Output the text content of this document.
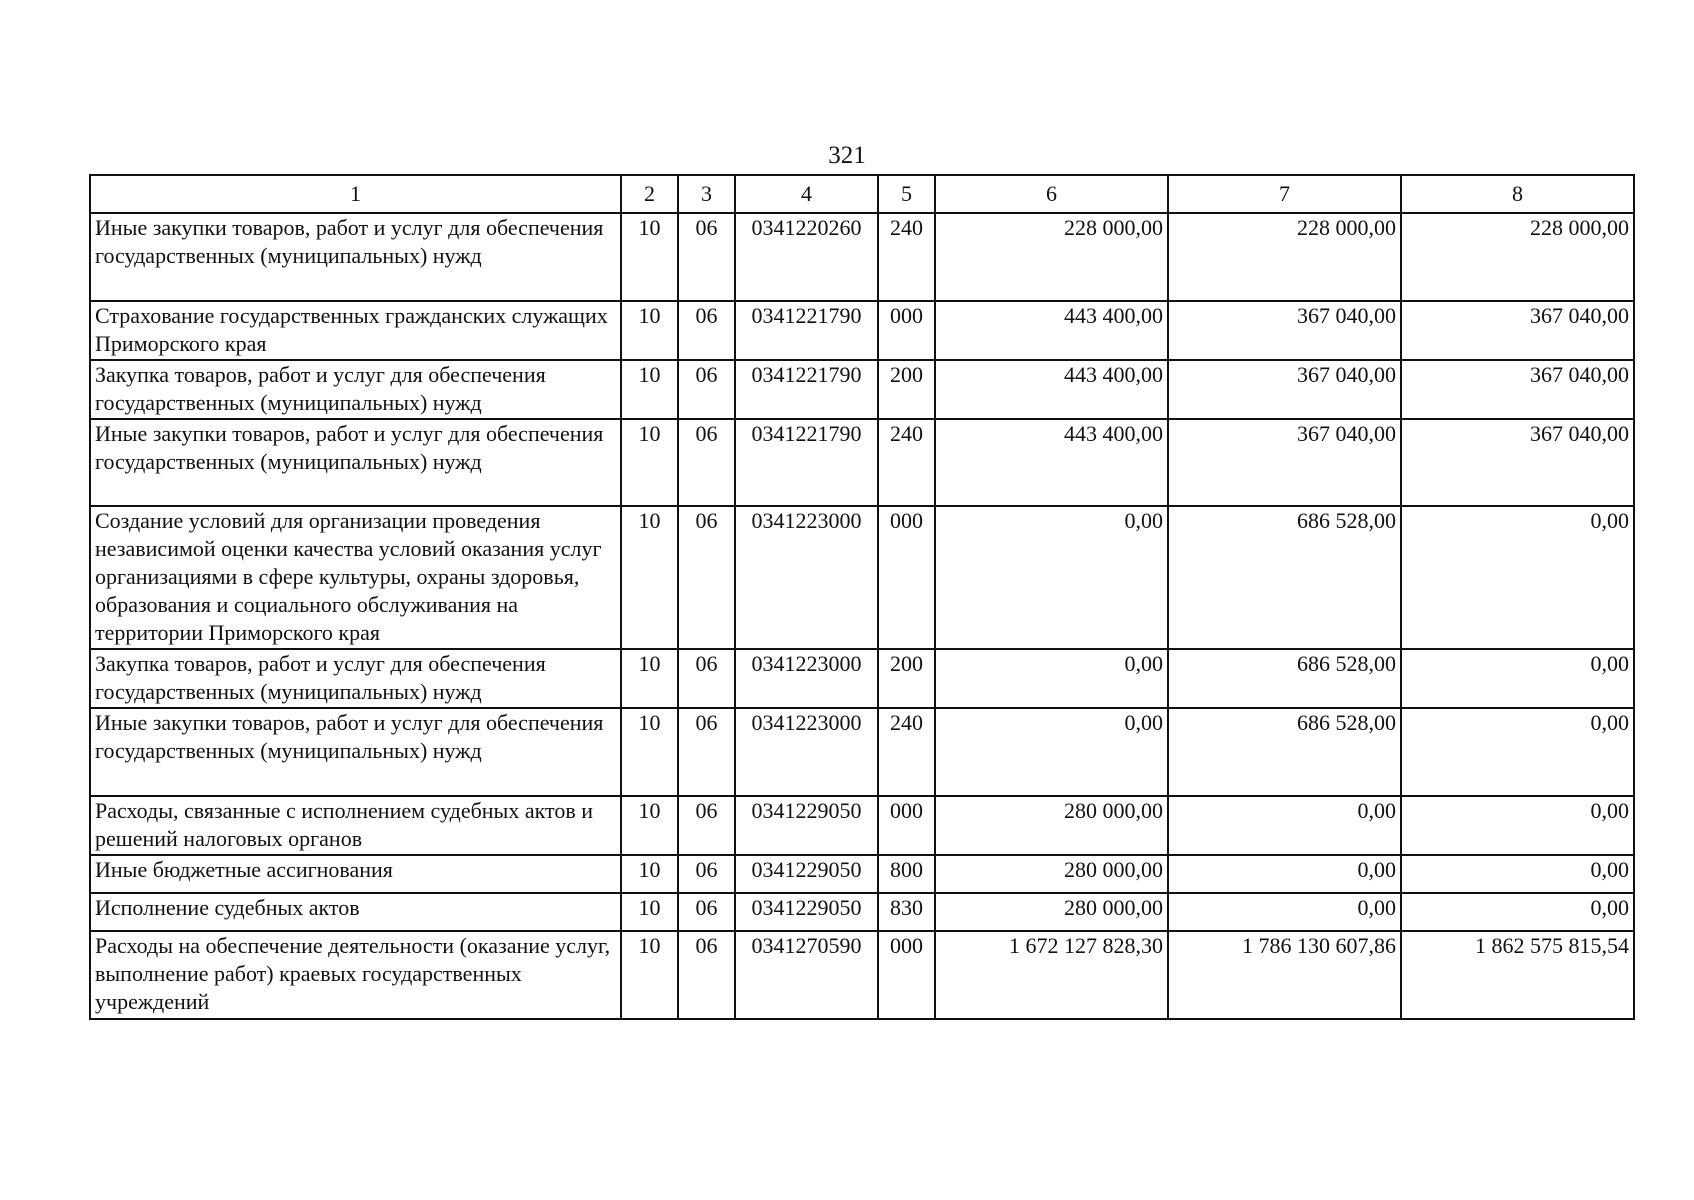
321
1	2	3	4	5	6	7	8
Иные закупки товаров, работ и услуг для обеспечения государственных (муниципальных) нужд	10	06	0341220260	240	228 000,00	228 000,00	228 000,00
Страхование государственных гражданских служащих Приморского края	10	06	0341221790	000	443 400,00	367 040,00	367 040,00
Закупка товаров, работ и услуг для обеспечения государственных (муниципальных) нужд	10	06	0341221790	200	443 400,00	367 040,00	367 040,00
Иные закупки товаров, работ и услуг для обеспечения государственных (муниципальных) нужд	10	06	0341221790	240	443 400,00	367 040,00	367 040,00
Создание условий для организации проведения независимой оценки качества условий оказания услуг организациями в сфере культуры, охраны здоровья, образования и социального обслуживания на территории Приморского края	10	06	0341223000	000	0,00	686 528,00	0,00
Закупка товаров, работ и услуг для обеспечения государственных (муниципальных) нужд	10	06	0341223000	200	0,00	686 528,00	0,00
Иные закупки товаров, работ и услуг для обеспечения государственных (муниципальных) нужд	10	06	0341223000	240	0,00	686 528,00	0,00
Расходы, связанные с исполнением судебных актов и решений налоговых органов	10	06	0341229050	000	280 000,00	0,00	0,00
Иные бюджетные ассигнования	10	06	0341229050	800	280 000,00	0,00	0,00
Исполнение судебных актов	10	06	0341229050	830	280 000,00	0,00	0,00
Расходы на обеспечение деятельности (оказание услуг, выполнение работ) краевых государственных учреждений	10	06	0341270590	000	1 672 127 828,30	1 786 130 607,86	1 862 575 815,54
